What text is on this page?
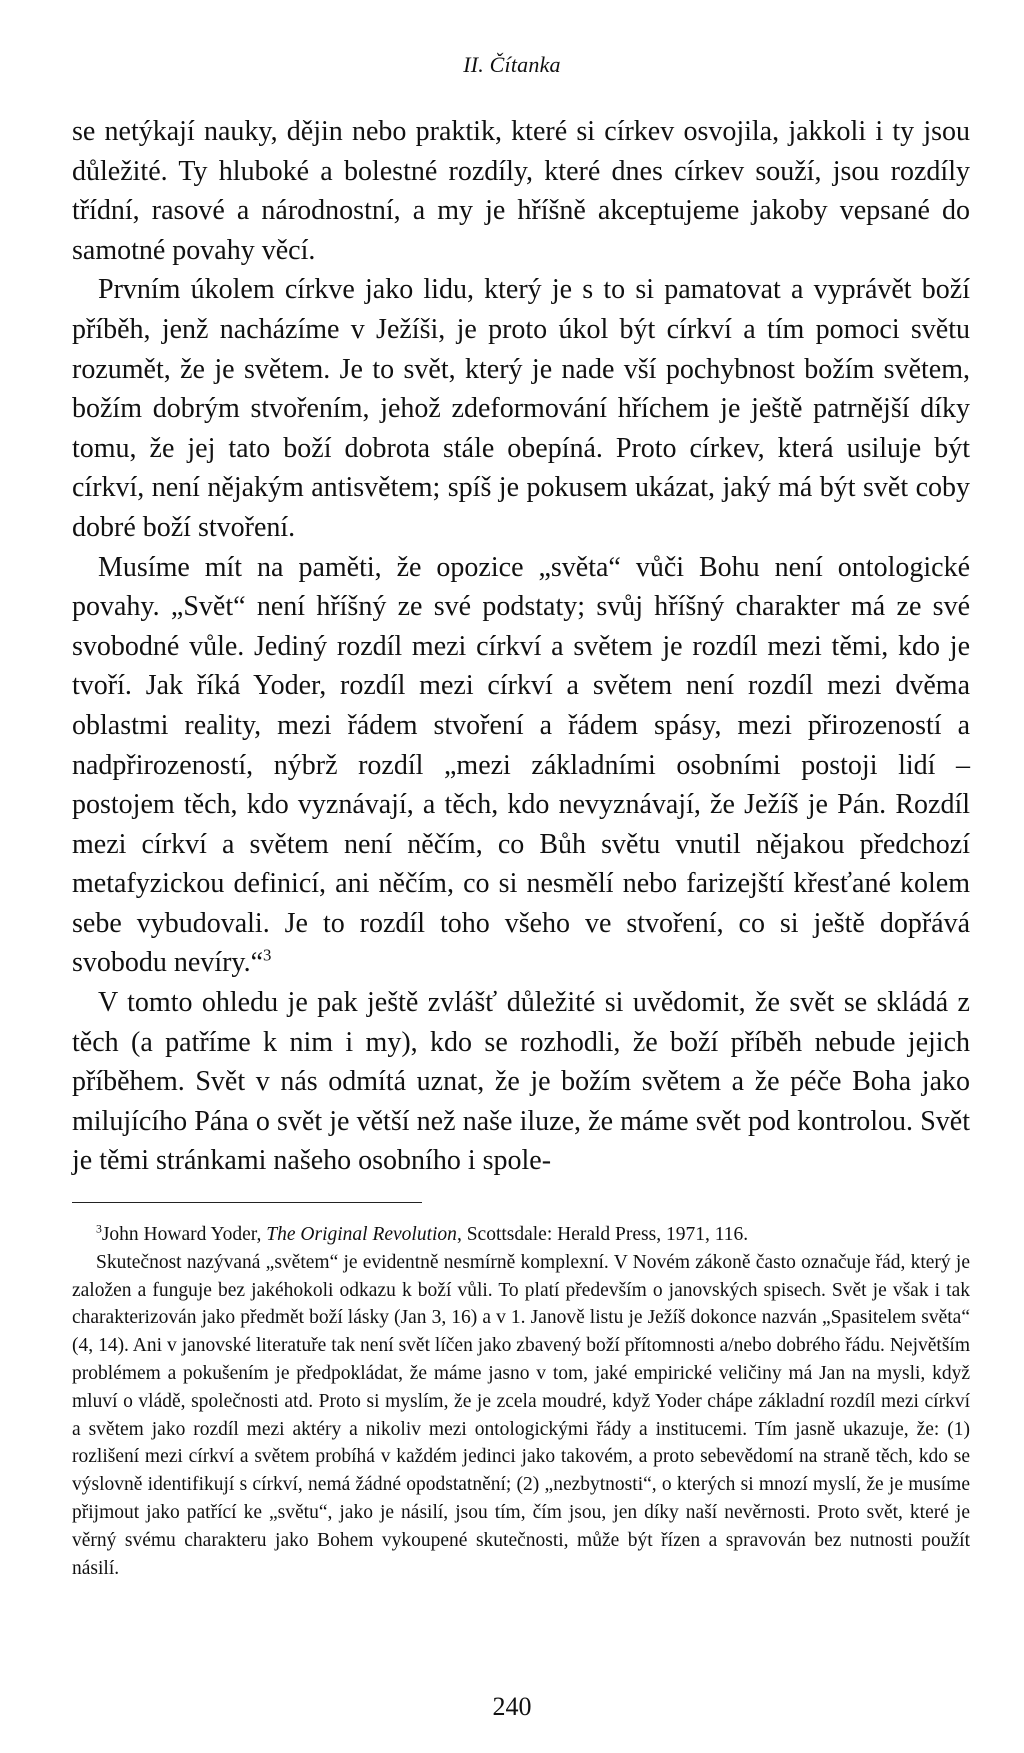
II. Čítanka

se netýkají nauky, dějin nebo praktik, které si církev osvojila, jakkoli i ty jsou důležité. Ty hluboké a bolestné rozdíly, které dnes církev souží, jsou rozdíly třídní, rasové a národnostní, a my je hříšně akceptujeme jakoby vepsané do samotné povahy věcí.

Prvním úkolem církve jako lidu, který je s to si pamatovat a vyprávět boží příběh, jenž nacházíme v Ježíši, je proto úkol být církví a tím pomoci světu rozumět, že je světem. Je to svět, který je nade vší pochybnost božím světem, božím dobrým stvořením, jehož zdeformování hříchem je ještě patrnější díky tomu, že jej tato boží dobrota stále obepíná. Proto církev, která usiluje být církví, není nějakým antisvětem; spíš je pokusem ukázat, jaký má být svět coby dobré boží stvoření.

Musíme mít na paměti, že opozice „světa“ vůči Bohu není ontologické povahy. „Svět“ není hříšný ze své podstaty; svůj hříšný charakter má ze své svobodné vůle. Jediný rozdíl mezi církví a světem je rozdíl mezi těmi, kdo je tvoří. Jak říká Yoder, rozdíl mezi církví a světem není rozdíl mezi dvěma oblastmi reality, mezi řádem stvoření a řádem spásy, mezi přirozeností a nadpřirozeností, nýbrž rozdíl „mezi základními osobními postoji lidí – postojem těch, kdo vyznávají, a těch, kdo nevyznávají, že Ježíš je Pán. Rozdíl mezi církví a světem není něčím, co Bůh světu vnutil nějakou předchozí metafyzickou definicí, ani něčím, co si nesmělí nebo farizejští křesťané kolem sebe vybudovali. Je to rozdíl toho všeho ve stvoření, co si ještě dopřává svobodu nevíry.“$^3$

V tomto ohledu je pak ještě zvlášť důležité si uvědomit, že svět se skládá z těch (a patříme k nim i my), kdo se rozhodli, že boží příběh nebude jejich příběhem. Svět v nás odmítá uznat, že je božím světem a že péče Boha jako milujícího Pána o svět je větší než naše iluze, že máme svět pod kontrolou. Svět je těmi stránkami našeho osobního i spole-

$^3$John Howard Yoder, The Original Revolution, Scottsdale: Herald Press, 1971, 116.

Skutečnost nazývaná „světem“ je evidentně nesmírně komplexní. V Novém zákoně často označuje řád, který je založen a funguje bez jakéhokoli odkazu k boží vůli. To platí především o janovských spisech. Svět je však i tak charakterizován jako předmět boží lásky (Jan 3, 16) a v 1. Janově listu je Ježíš dokonce nazván „Spasitelem světa“ (4, 14). Ani v janovské literatuře tak není svět líčen jako zbavený boží přítomnosti a/nebo dobrého řádu. Největším problémem a pokušením je předpokládat, že máme jasno v tom, jaké empirické veličiny má Jan na mysli, když mluví o vládě, společnosti atd. Proto si myslím, že je zcela moudré, když Yoder chápe základní rozdíl mezi církví a světem jako rozdíl mezi aktéry a nikoliv mezi ontologickými řády a institucemi. Tím jasně ukazuje, že: (1) rozlišení mezi církví a světem probíhá v každém jedinci jako takovém, a proto sebevědomí na straně těch, kdo se výslovně identifikují s církví, nemá žádné opodstatnění; (2) „nezbytnosti“, o kterých si mnozí myslí, že je musíme přijmout jako patřící ke „světu“, jako je násilí, jsou tím, čím jsou, jen díky naší nevěrnosti. Proto svět, které je věrný svému charakteru jako Bohem vykoupené skutečnosti, může být řízen a spravován bez nutnosti použít násilí.

240
